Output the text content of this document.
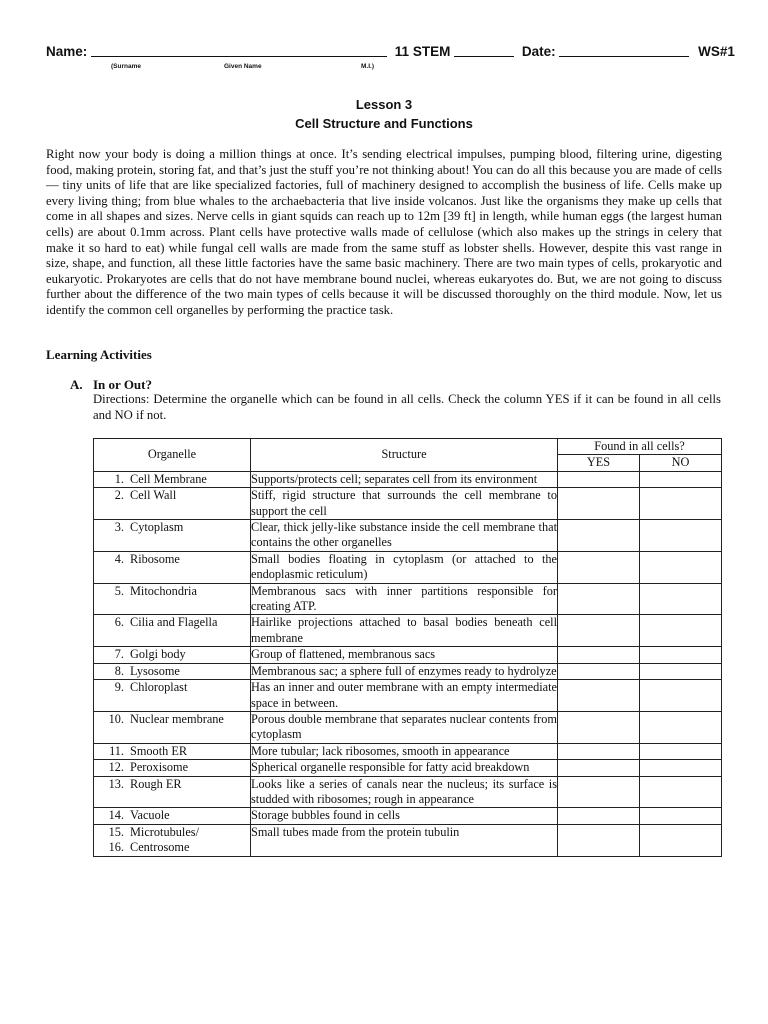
Name:	11 STEM	Date:	WS#1
(Surname	Given Name	M.I.)
Lesson 3
Cell Structure and Functions

Right now your body is doing a million things at once. It’s sending electrical impulses, pumping blood, filtering urine, digesting food, making protein, storing fat, and that’s just the stuff you’re not thinking about! You can do all this because you are made of cells — tiny units of life that are like specialized factories, full of machinery designed to accomplish the business of life. Cells make up every living thing; from blue whales to the archaebacteria that live inside volcanos. Just like the organisms they make up cells that come in all shapes and sizes. Nerve cells in giant squids can reach up to 12m [39 ft] in length, while human eggs (the largest human cells) are about 0.1mm across. Plant cells have protective walls made of cellulose (which also makes up the strings in celery that make it so hard to eat) while fungal cell walls are made from the same stuff as lobster shells. However, despite this vast range in size, shape, and function, all these little factories have the same basic machinery. There are two main types of cells, prokaryotic and eukaryotic. Prokaryotes are cells that do not have membrane bound nuclei, whereas eukaryotes do. But, we are not going to discuss further about the difference of the two main types of cells because it will be discussed thoroughly on the third module. Now, let us identify the common cell organelles by performing the practice task.

Learning Activities
A. In or Out?

Directions: Determine the organelle which can be found in all cells. Check the column YES if it can be found in all cells and NO if not.

Organelle	Structure	Found in all cells?	
		YES	NO

1. Cell Membrane	Supports/protects cell; separates cell from its environment		

2. Cell Wall	Stiff, rigid structure that surrounds the cell membrane to support the cell		

3. Cytoplasm	Clear, thick jelly-like substance inside the cell membrane that contains the other organelles		

4. Ribosome	Small bodies floating in cytoplasm (or attached to the endoplasmic reticulum)		

5. Mitochondria	Membranous sacs with inner partitions responsible for creating ATP.		

6. Cilia and Flagella	Hairlike projections attached to basal bodies beneath cell membrane		

7. Golgi body	Group of flattened, membranous sacs		

8. Lysosome	Membranous sac; a sphere full of enzymes ready to hydrolyze		

9. Chloroplast	Has an inner and outer membrane with an empty intermediate space in between.		

10. Nuclear membrane	Porous double membrane that separates nuclear contents from cytoplasm		

11. Smooth ER	More tubular; lack ribosomes, smooth in appearance		

12. Peroxisome	Spherical organelle responsible for fatty acid breakdown		

13. Rough ER	Looks like a series of canals near the nucleus; its surface is studded with ribosomes; rough in appearance		

14. Vacuole	Storage bubbles found in cells		

15. Microtubules/
16. Centrosome	Small tubes made from the protein tubulin		
